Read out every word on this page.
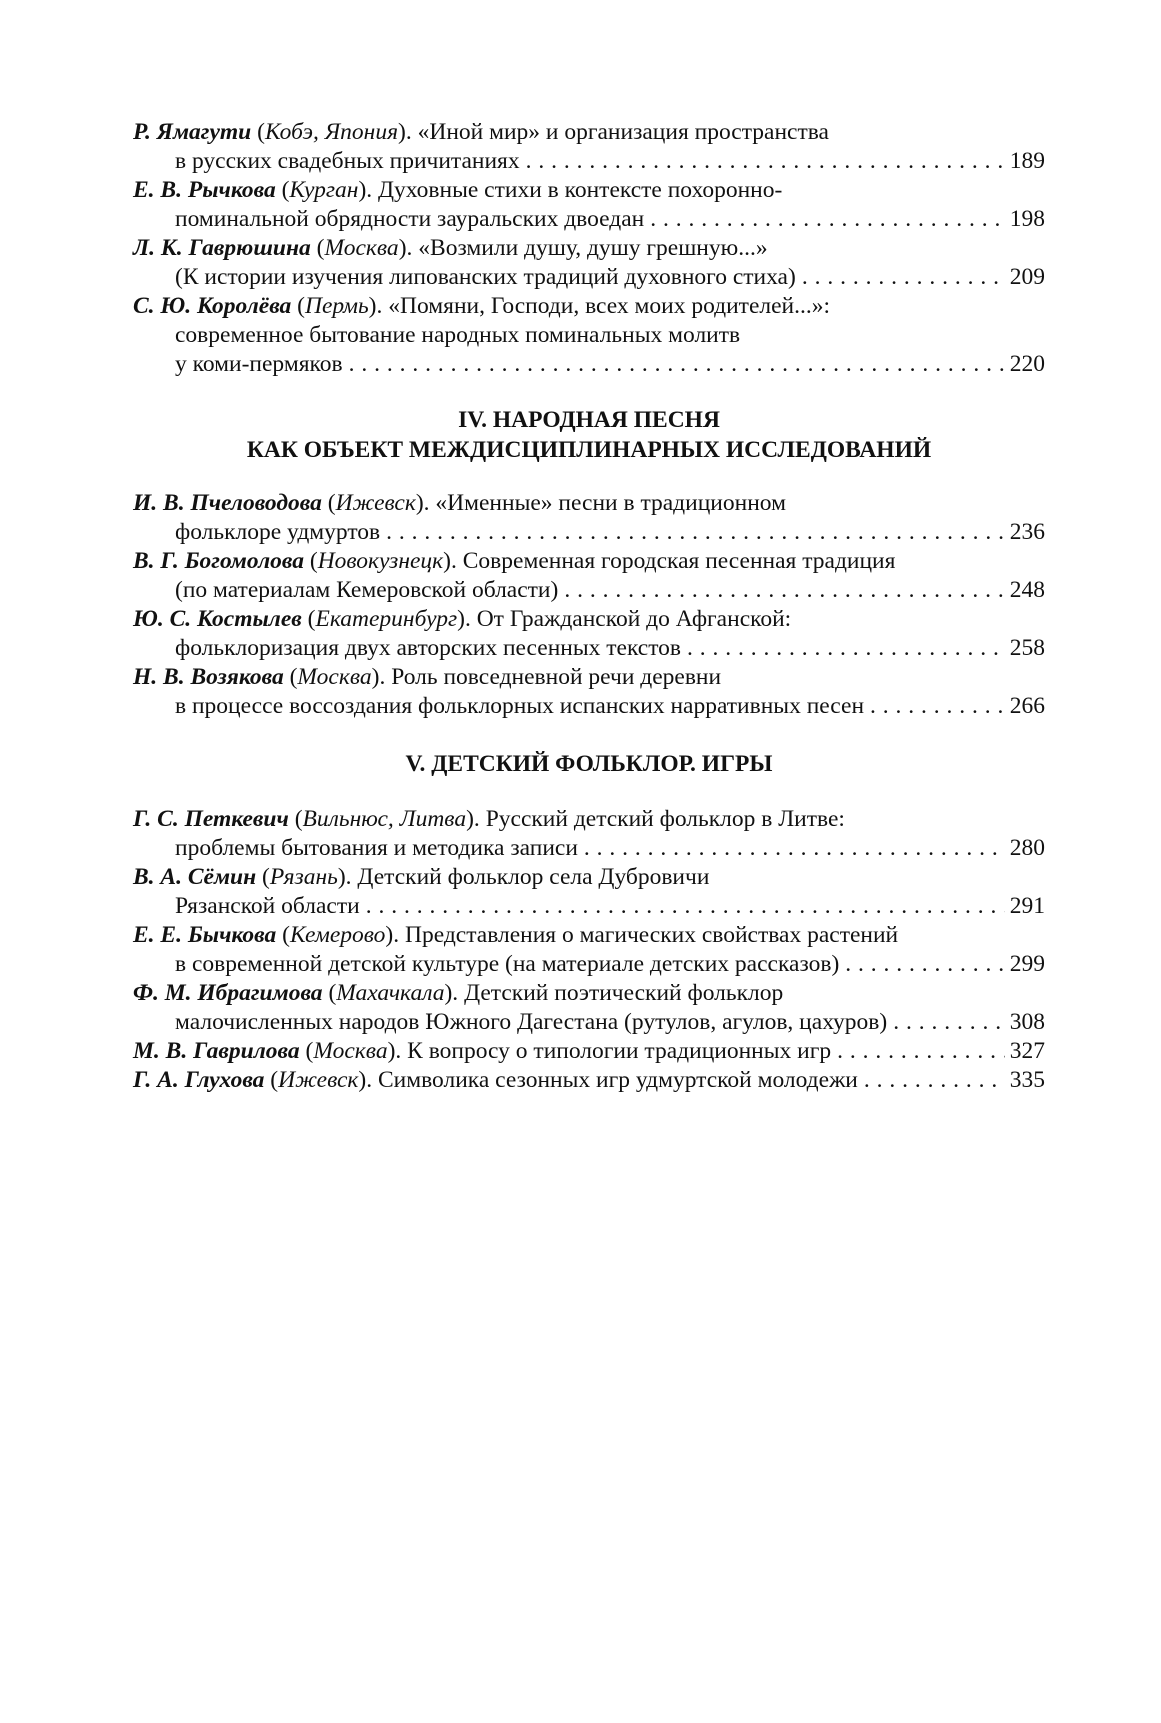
Р. Ямагути (Кобэ, Япония). «Иной мир» и организация пространства
в русских свадебных причитаниях . . .	189
Е. В. Рычкова (Курган). Духовные стихи в контексте похоронно-
поминальной обрядности зауральских двоедан . . .	198
Л. К. Гаврюшина (Москва). «Возмили душу, душу грешную...»
(К истории изучения липованских традиций духовного стиха) . . .	209
С. Ю. Королёва (Пермь). «Помяни, Господи, всех моих родителей...»:
современное бытование народных поминальных молитв
у коми-пермяков . . .	220
IV. НАРОДНАЯ ПЕСНЯ
КАК ОБЪЕКТ МЕЖДИСЦИПЛИНАРНЫХ ИССЛЕДОВАНИЙ
И. В. Пчеловодова (Ижевск). «Именные» песни в традиционном
фольклоре удмуртов . . .	236
В. Г. Богомолова (Новокузнецк). Современная городская песенная традиция
(по материалам Кемеровской области) . . .	248
Ю. С. Костылев (Екатеринбург). От Гражданской до Афганской:
фольклоризация двух авторских песенных текстов . . .	258
Н. В. Возякова (Москва). Роль повседневной речи деревни
в процессе воссоздания фольклорных испанских нарративных песен . . .	266
V. ДЕТСКИЙ ФОЛЬКЛОР. ИГРЫ
Г. С. Петкевич (Вильнюс, Литва). Русский детский фольклор в Литве:
проблемы бытования и методика записи . . .	280
В. А. Сёмин (Рязань). Детский фольклор села Дубровичи
Рязанской области . . .	291
Е. Е. Бычкова (Кемерово). Представления о магических свойствах растений
в современной детской культуре (на материале детских рассказов) . . .	299
Ф. М. Ибрагимова (Махачкала). Детский поэтический фольклор
малочисленных народов Южного Дагестана (рутулов, агулов, цахуров) . . .	308
М. В. Гаврилова (Москва). К вопросу о типологии традиционных игр . . .	327
Г. А. Глухова (Ижевск). Символика сезонных игр удмуртской молодежи . . .	335
